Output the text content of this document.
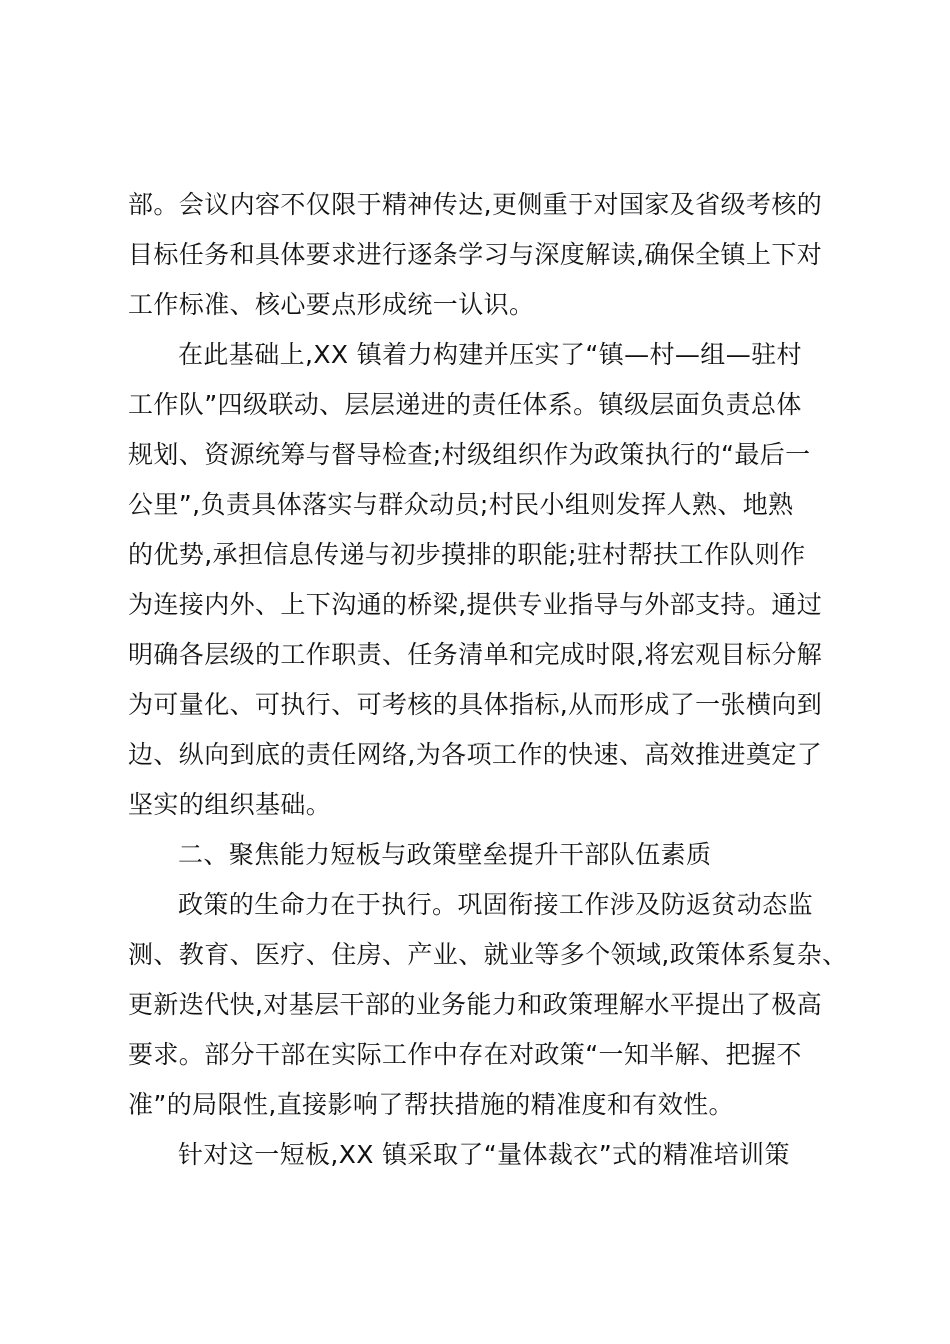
部。会议内容不仅限于精神传达,更侧重于对国家及省级考核的
目标任务和具体要求进行逐条学习与深度解读,确保全镇上下对
工作标准、核心要点形成统一认识。

在此基础上,XX 镇着力构建并压实了“镇—村—组—驻村
工作队”四级联动、层层递进的责任体系。镇级层面负责总体
规划、资源统筹与督导检查;村级组织作为政策执行的“最后一
公里”,负责具体落实与群众动员;村民小组则发挥人熟、地熟
的优势,承担信息传递与初步摸排的职能;驻村帮扶工作队则作
为连接内外、上下沟通的桥梁,提供专业指导与外部支持。通过
明确各层级的工作职责、任务清单和完成时限,将宏观目标分解
为可量化、可执行、可考核的具体指标,从而形成了一张横向到
边、纵向到底的责任网络,为各项工作的快速、高效推进奠定了
坚实的组织基础。

二、聚焦能力短板与政策壁垒提升干部队伍素质

政策的生命力在于执行。巩固衔接工作涉及防返贫动态监
测、教育、医疗、住房、产业、就业等多个领域,政策体系复杂、
更新迭代快,对基层干部的业务能力和政策理解水平提出了极高
要求。部分干部在实际工作中存在对政策“一知半解、把握不
准”的局限性,直接影响了帮扶措施的精准度和有效性。

针对这一短板,XX 镇采取了“量体裁衣”式的精准培训策
